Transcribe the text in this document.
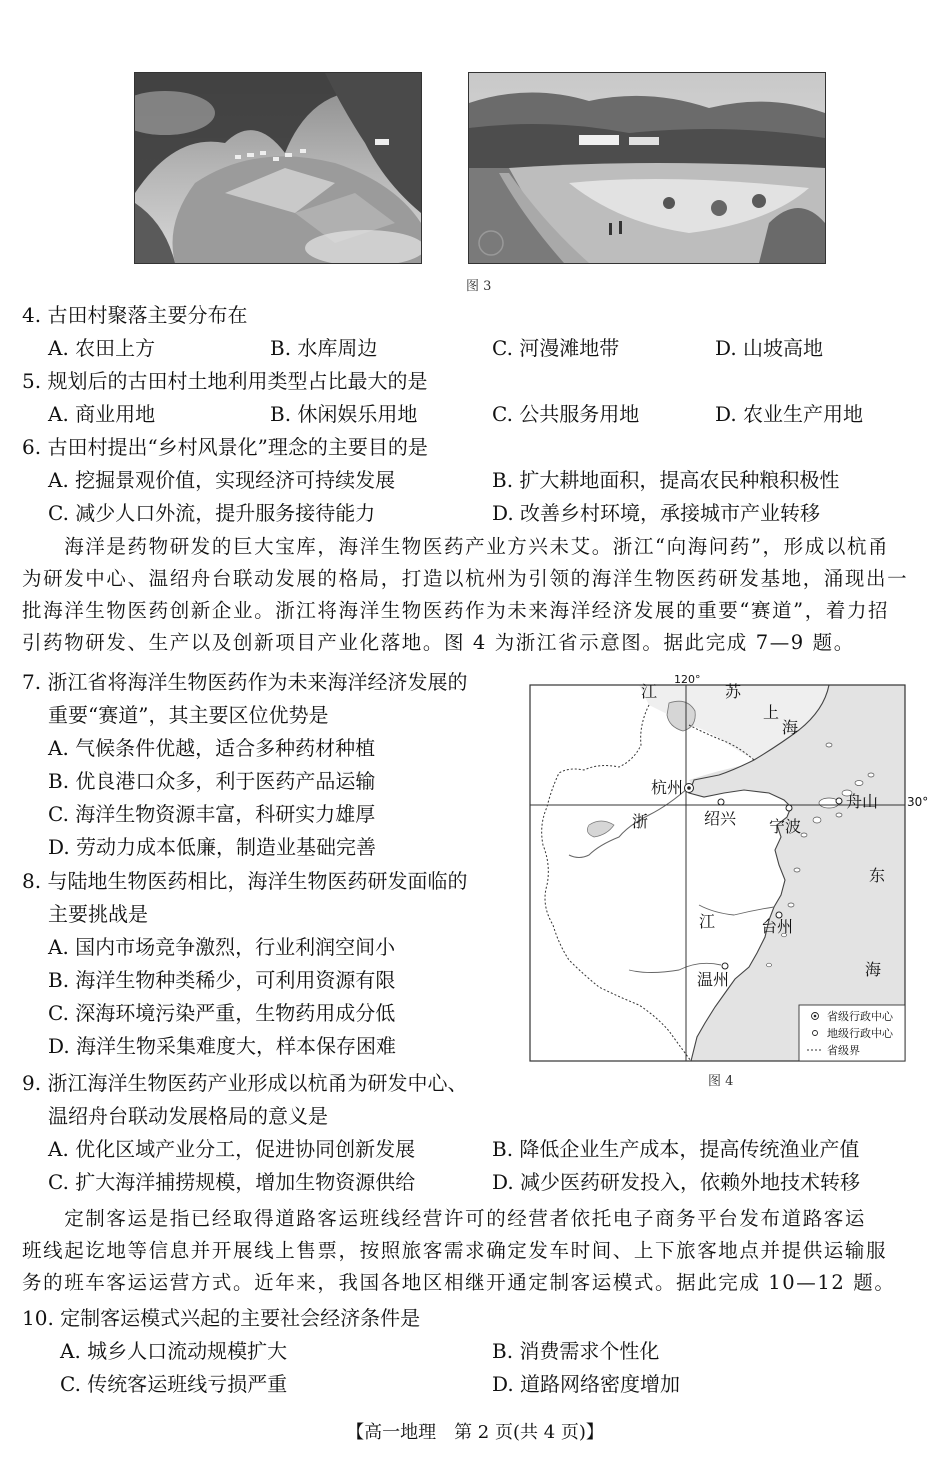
图 3
4. 古田村聚落主要分布在
A. 农田上方	B. 水库周边	C. 河漫滩地带	D. 山坡高地
5. 规划后的古田村土地利用类型占比最大的是
A. 商业用地	B. 休闲娱乐用地	C. 公共服务用地	D. 农业生产用地
6. 古田村提出“乡村风景化”理念的主要目的是
A. 挖掘景观价值，实现经济可持续发展	B. 扩大耕地面积，提高农民种粮积极性
C. 减少人口外流，提升服务接待能力	D. 改善乡村环境，承接城市产业转移
　　海洋是药物研发的巨大宝库，海洋生物医药产业方兴未艾。浙江“向海问药”，形成以杭甬
为研发中心、温绍舟台联动发展的格局，打造以杭州为引领的海洋生物医药研发基地，涌现出一
批海洋生物医药创新企业。浙江将海洋生物医药作为未来海洋经济发展的重要“赛道”，着力招
引药物研发、生产以及创新项目产业化落地。图 4 为浙江省示意图。据此完成 7—9 题。
7. 浙江省将海洋生物医药作为未来海洋经济发展的
重要“赛道”，其主要区位优势是
A. 气候条件优越，适合多种药材种植
B. 优良港口众多，利于医药产品运输
C. 海洋生物资源丰富，科研实力雄厚
D. 劳动力成本低廉，制造业基础完善
8. 与陆地生物医药相比，海洋生物医药研发面临的
主要挑战是
A. 国内市场竞争激烈，行业利润空间小
B. 海洋生物种类稀少，可利用资源有限
C. 深海环境污染严重，生物药用成分低
D. 海洋生物采集难度大，样本保存困难
9. 浙江海洋生物医药产业形成以杭甬为研发中心、
温绍舟台联动发展格局的意义是
A. 优化区域产业分工，促进协同创新发展	B. 降低企业生产成本，提高传统渔业产值
C. 扩大海洋捕捞规模，增加生物资源供给	D. 减少医药研发投入，依赖外地技术转移
　　定制客运是指已经取得道路客运班线经营许可的经营者依托电子商务平台发布道路客运
班线起讫地等信息并开展线上售票，按照旅客需求确定发车时间、上下旅客地点并提供运输服
务的班车客运运营方式。近年来，我国各地区相继开通定制客运模式。据此完成 10—12 题。
10. 定制客运模式兴起的主要社会经济条件是
A. 城乡人口流动规模扩大	B. 消费需求个性化
C. 传统客运班线亏损严重	D. 道路网络密度增加
120°
江	苏
上
海
浙
江
东
海
杭州
绍兴 宁波
舟山
台州
温州
省级行政中心
地级行政中心
省级界
30°
图 4
【高一地理　第 2 页(共 4 页)】
